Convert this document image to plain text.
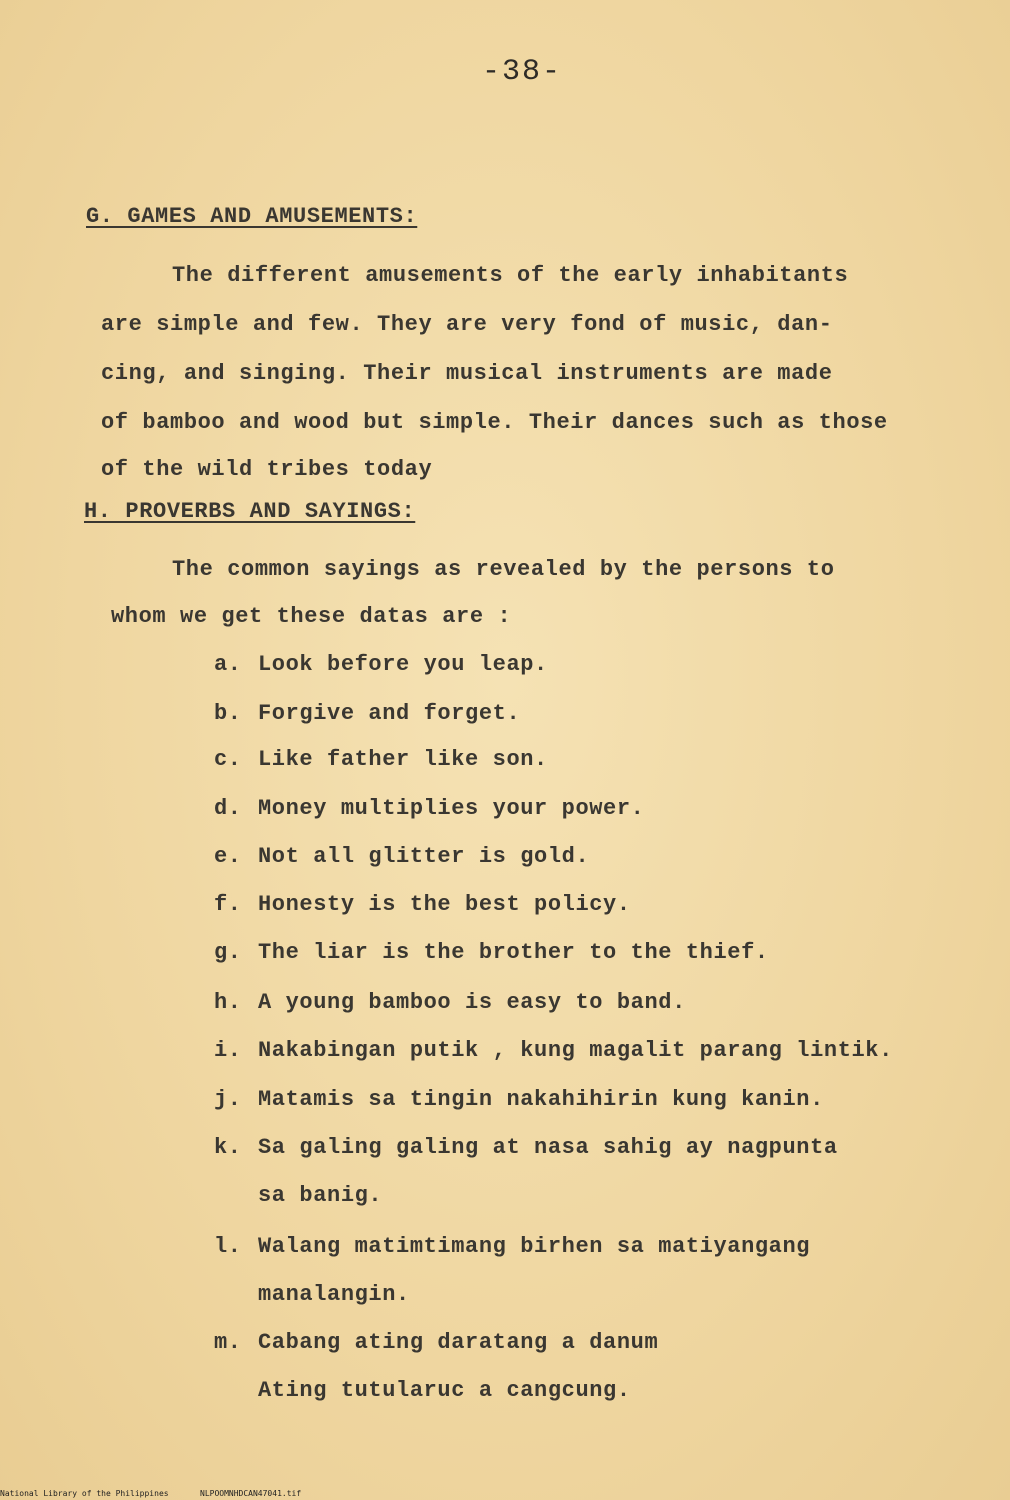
-38-
G. GAMES AND AMUSEMENTS:
The different amusements of the early inhabitants
are simple and few. They are very fond of music, dan-
cing, and singing. Their musical instruments are made
of bamboo and wood but simple. Their dances such as those
of the wild tribes today
H. PROVERBS AND SAYINGS:
The common sayings as revealed by the persons to
whom we get these datas are :
a. Look before you leap.
b. Forgive and forget.
c. Like father like son.
d. Money multiplies your power.
e. Not all glitter is gold.
f. Honesty is the best policy.
g. The liar is the brother to the thief.
h. A young bamboo is easy to band.
i. Nakabingan putik , kung magalit parang lintik.
j. Matamis sa tingin nakahihirin kung kanin.
k. Sa galing galing at nasa sahig ay nagpunta
sa banig.
l. Walang matimtimang birhen sa matiyangang
manalangin.
m. Cabang ating daratang a danum
Ating tutularuc a cangcung.
National Library of the Philippines	NLPOOMNHDCAN47041.tif
